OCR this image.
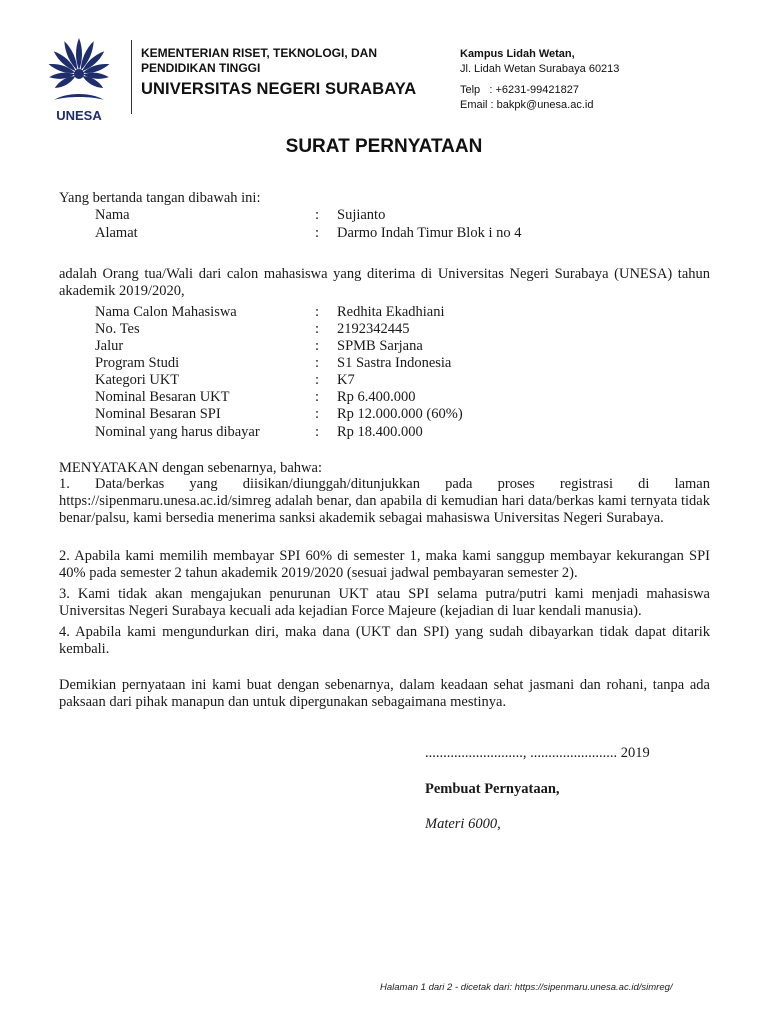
UNESA
KEMENTERIAN RISET, TEKNOLOGI, DAN PENDIDIKAN TINGGI
UNIVERSITAS NEGERI SURABAYA
Kampus Lidah Wetan,
Jl. Lidah Wetan Surabaya 60213
Telp   : +6231-99421827
Email : bakpk@unesa.ac.id
SURAT PERNYATAAN
Yang bertanda tangan dibawah ini:
Nama	: Sujianto
Alamat	: Darmo Indah Timur Blok i no 4
adalah Orang tua/Wali dari calon mahasiswa yang diterima di Universitas Negeri Surabaya (UNESA) tahun akademik 2019/2020,
Nama Calon Mahasiswa	: Redhita Ekadhiani
No. Tes	: 2192342445
Jalur	: SPMB Sarjana
Program Studi	: S1 Sastra Indonesia
Kategori UKT	: K7
Nominal Besaran UKT	: Rp 6.400.000
Nominal Besaran SPI	: Rp 12.000.000 (60%)
Nominal yang harus dibayar	: Rp 18.400.000
MENYATAKAN dengan sebenarnya, bahwa:
1. Data/berkas yang diisikan/diunggah/ditunjukkan pada proses registrasi di laman https://sipenmaru.unesa.ac.id/simreg adalah benar, dan apabila di kemudian hari data/berkas kami ternyata tidak benar/palsu, kami bersedia menerima sanksi akademik sebagai mahasiswa Universitas Negeri Surabaya.
2. Apabila kami memilih membayar SPI 60% di semester 1, maka kami sanggup membayar kekurangan SPI 40% pada semester 2 tahun akademik 2019/2020 (sesuai jadwal pembayaran semester 2).
3. Kami tidak akan mengajukan penurunan UKT atau SPI selama putra/putri kami menjadi mahasiswa Universitas Negeri Surabaya kecuali ada kejadian Force Majeure (kejadian di luar kendali manusia).
4. Apabila kami mengundurkan diri, maka dana (UKT dan SPI) yang sudah dibayarkan tidak dapat ditarik kembali.
Demikian pernyataan ini kami buat dengan sebenarnya, dalam keadaan sehat jasmani dan rohani, tanpa ada paksaan dari pihak manapun dan untuk dipergunakan sebagaimana mestinya.
..........................., ........................ 2019
Pembuat Pernyataan,
Materi 6000,
Halaman 1 dari 2 - dicetak dari: https://sipenmaru.unesa.ac.id/simreg/
